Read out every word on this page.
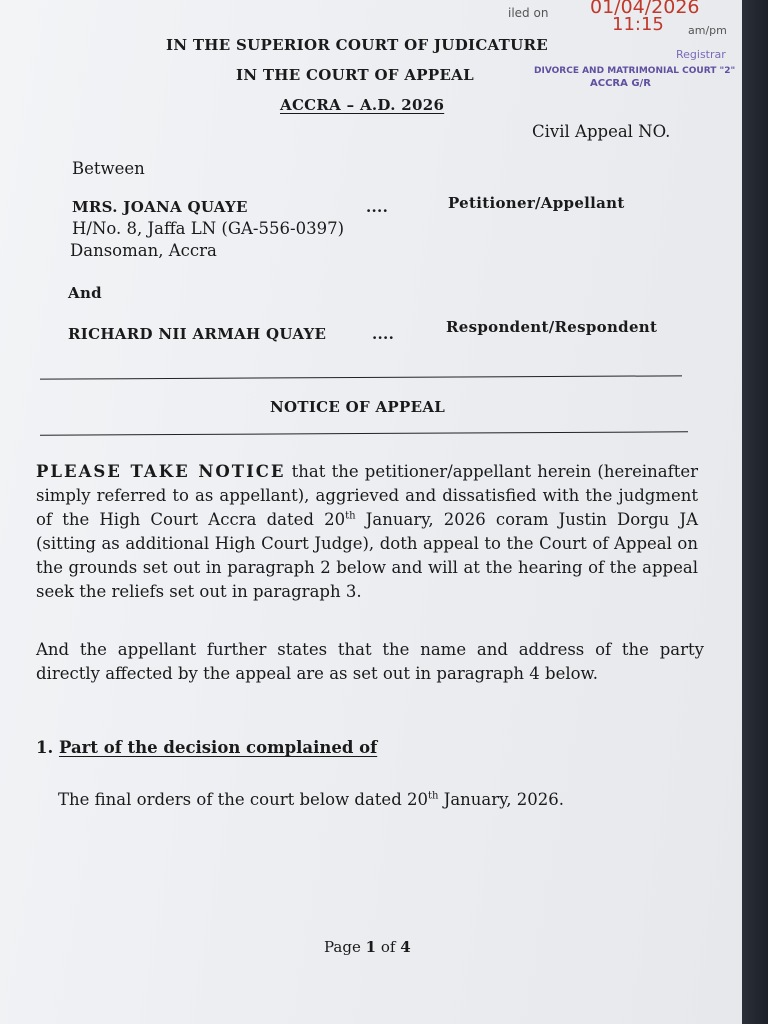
iled on 01/04/2026
11:15 am/pm
Registrar
DIVORCE AND MATRIMONIAL COURT "2"
ACCRA G/R
IN THE SUPERIOR COURT OF JUDICATURE
IN THE COURT OF APPEAL
ACCRA – A.D. 2026
Civil Appeal NO.
Between
MRS. JOANA QUAYE	....	Petitioner/Appellant
H/No. 8, Jaffa LN (GA-556-0397)
Dansoman, Accra
And
RICHARD NII ARMAH QUAYE	....	Respondent/Respondent
NOTICE OF APPEAL
PLEASE TAKE NOTICE that the petitioner/appellant herein (hereinafter simply referred to as appellant), aggrieved and dissatisfied with the judgment of the High Court Accra dated 20th January, 2026 coram Justin Dorgu JA (sitting as additional High Court Judge), doth appeal to the Court of Appeal on the grounds set out in paragraph 2 below and will at the hearing of the appeal seek the reliefs set out in paragraph 3.
And the appellant further states that the name and address of the party directly affected by the appeal are as set out in paragraph 4 below.
1. Part of the decision complained of
The final orders of the court below dated 20th January, 2026.
Page 1 of 4
